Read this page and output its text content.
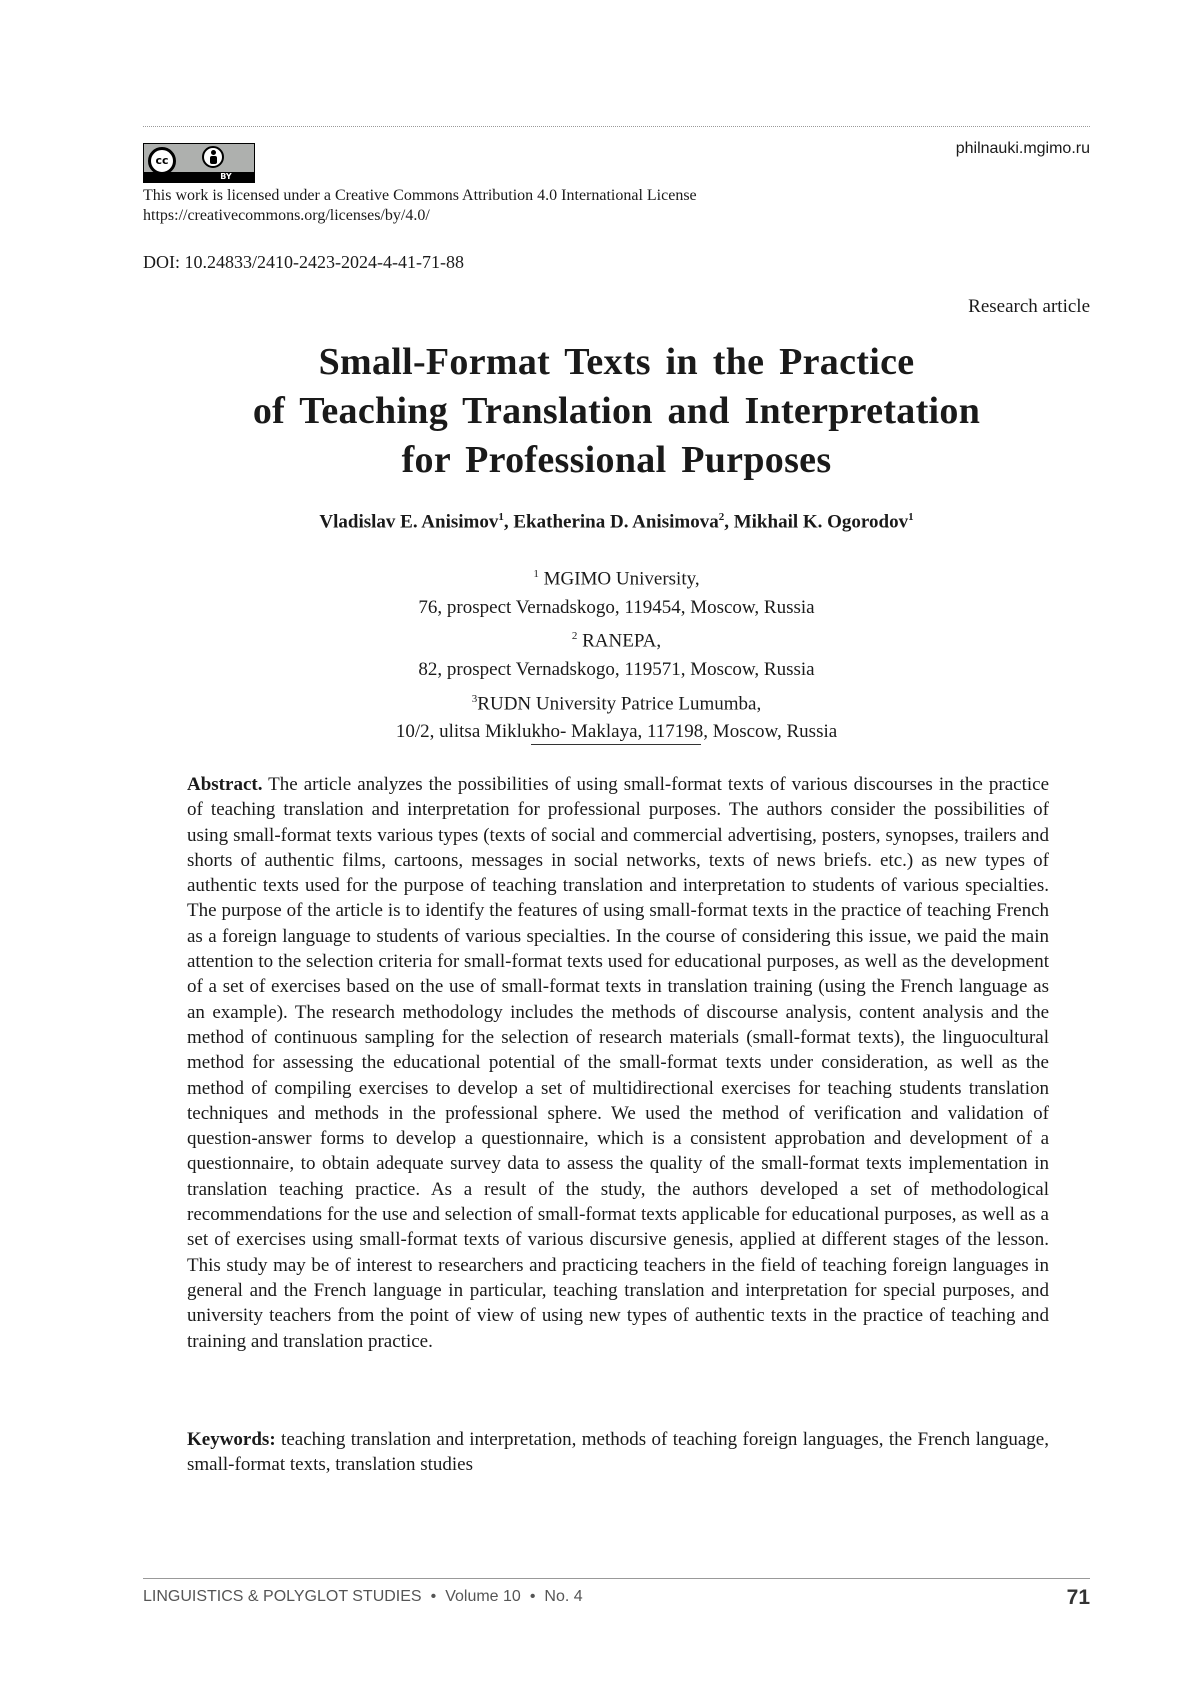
cc
BY
philnauki.mgimo.ru
This work is licensed under a Creative Commons Attribution 4.0 International License
https://creativecommons.org/licenses/by/4.0/
DOI: 10.24833/2410-2423-2024-4-41-71-88
Research article
Small-Format Texts in the Practice
of Teaching Translation and Interpretation
for Professional Purposes
Vladislav E. Anisimov$^1$, Ekatherina D. Anisimova$^2$, Mikhail K. Ogorodov$^1$
$^1$ MGIMO University,
76, prospect Vernadskogo, 119454, Moscow, Russia
$^2$ RANEPA,
82, prospect Vernadskogo, 119571, Moscow, Russia
$^3$RUDN University Patrice Lumumba,
10/2, ulitsa Miklukho- Maklaya, 117198, Moscow, Russia
Abstract. The article analyzes the possibilities of using small-format texts of various discourses in the practice of teaching translation and interpretation for professional purposes. The authors consider the possibilities of using small-format texts various types (texts of social and commercial advertising, posters, synopses, trailers and shorts of authentic films, cartoons, messages in social networks, texts of news briefs. etc.) as new types of authentic texts used for the purpose of teaching translation and interpretation to students of various specialties. The purpose of the article is to identify the features of using small-format texts in the practice of teaching French as a foreign language to students of various specialties. In the course of considering this issue, we paid the main attention to the selection criteria for small-format texts used for educational purposes, as well as the development of a set of exercises based on the use of small-format texts in translation training (using the French language as an example). The research methodology includes the methods of discourse analysis, content analysis and the method of continuous sampling for the selection of research materials (small-format texts), the linguocultural method for assessing the educational potential of the small-format texts under consideration, as well as the method of compiling exercises to develop a set of multidirectional exercises for teaching students translation techniques and methods in the professional sphere. We used the method of verification and validation of question-answer forms to develop a questionnaire, which is a consistent approbation and development of a questionnaire, to obtain adequate survey data to assess the quality of the small-format texts implementation in translation teaching practice. As a result of the study, the authors developed a set of methodological recommendations for the use and selection of small-format texts applicable for educational purposes, as well as a set of exercises using small-format texts of various discursive genesis, applied at different stages of the lesson. This study may be of interest to researchers and practicing teachers in the field of teaching foreign languages in general and the French language in particular, teaching translation and interpretation for special purposes, and university teachers from the point of view of using new types of authentic texts in the practice of teaching and training and translation practice.
Keywords: teaching translation and interpretation, methods of teaching foreign languages, the French language, small-format texts, translation studies
LINGUISTICS & POLYGLOT STUDIES • Volume 10 • No. 4	71
